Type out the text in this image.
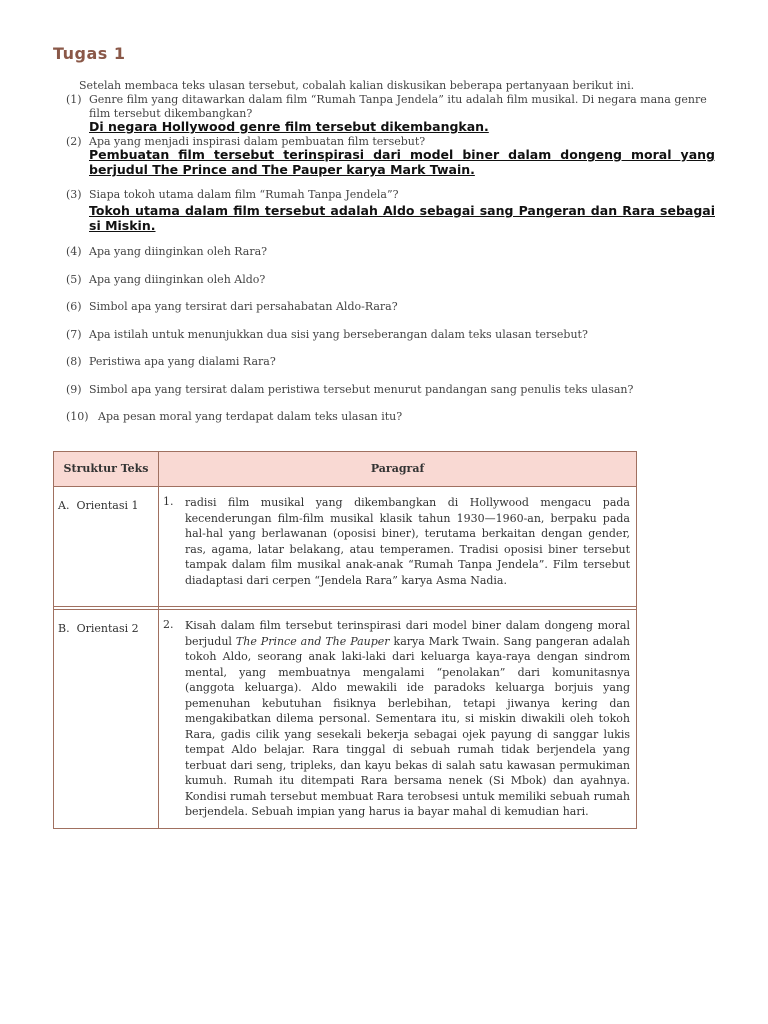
Tugas 1
Setelah membaca teks ulasan tersebut, cobalah kalian diskusikan beberapa pertanyaan berikut ini.
(1) Genre film yang ditawarkan dalam film “Rumah Tanpa Jendela” itu adalah film musikal. Di negara mana genre film tersebut dikembangkan?
Di negara Hollywood genre film tersebut dikembangkan.
(2) Apa yang menjadi inspirasi dalam pembuatan film tersebut?
Pembuatan film tersebut terinspirasi dari model biner dalam dongeng moral yang berjudul The Prince and The Pauper karya Mark Twain.
(3) Siapa tokoh utama dalam film “Rumah Tanpa Jendela”?
Tokoh utama dalam film tersebut adalah Aldo sebagai sang Pangeran dan Rara sebagai si Miskin.
(4) Apa yang diinginkan oleh Rara?
(5) Apa yang diinginkan oleh Aldo?
(6) Simbol apa yang tersirat dari persahabatan Aldo-Rara?
(7) Apa istilah untuk menunjukkan dua sisi yang berseberangan dalam teks ulasan tersebut?
(8) Peristiwa apa yang dialami Rara?
(9) Simbol apa yang tersirat dalam peristiwa tersebut menurut pandangan sang penulis teks ulasan?
(10) Apa pesan moral yang terdapat dalam teks ulasan itu?
Struktur Teks	Paragraf
A. Orientasi 1	1. radisi film musikal yang dikembangkan di Hollywood mengacu pada kecenderungan film-film musikal klasik tahun 1930—1960-an, berpaku pada hal-hal yang berlawanan (oposisi biner), terutama berkaitan dengan gender, ras, agama, latar belakang, atau temperamen. Tradisi oposisi biner tersebut tampak dalam film musikal anak-anak “Rumah Tanpa Jendela”. Film tersebut diadaptasi dari cerpen “Jendela Rara” karya Asma Nadia.

B. Orientasi 2	2. Kisah dalam film tersebut terinspirasi dari model biner dalam dongeng moral berjudul The Prince and The Pauper karya Mark Twain. Sang pangeran adalah tokoh Aldo, seorang anak laki-laki dari keluarga kaya-raya dengan sindrom mental, yang membuatnya mengalami “penolakan” dari komunitasnya (anggota keluarga). Aldo mewakili ide paradoks keluarga borjuis yang pemenuhan kebutuhan fisiknya berlebihan, tetapi jiwanya kering dan mengakibatkan dilema personal. Sementara itu, si miskin diwakili oleh tokoh Rara, gadis cilik yang sesekali bekerja sebagai ojek payung di sanggar lukis tempat Aldo belajar. Rara tinggal di sebuah rumah tidak berjendela yang terbuat dari seng, tripleks, dan kayu bekas di salah satu kawasan permukiman kumuh. Rumah itu ditempati Rara bersama nenek (Si Mbok) dan ayahnya. Kondisi rumah tersebut membuat Rara terobsesi untuk memiliki sebuah rumah berjendela. Sebuah impian yang harus ia bayar mahal di kemudian hari.
